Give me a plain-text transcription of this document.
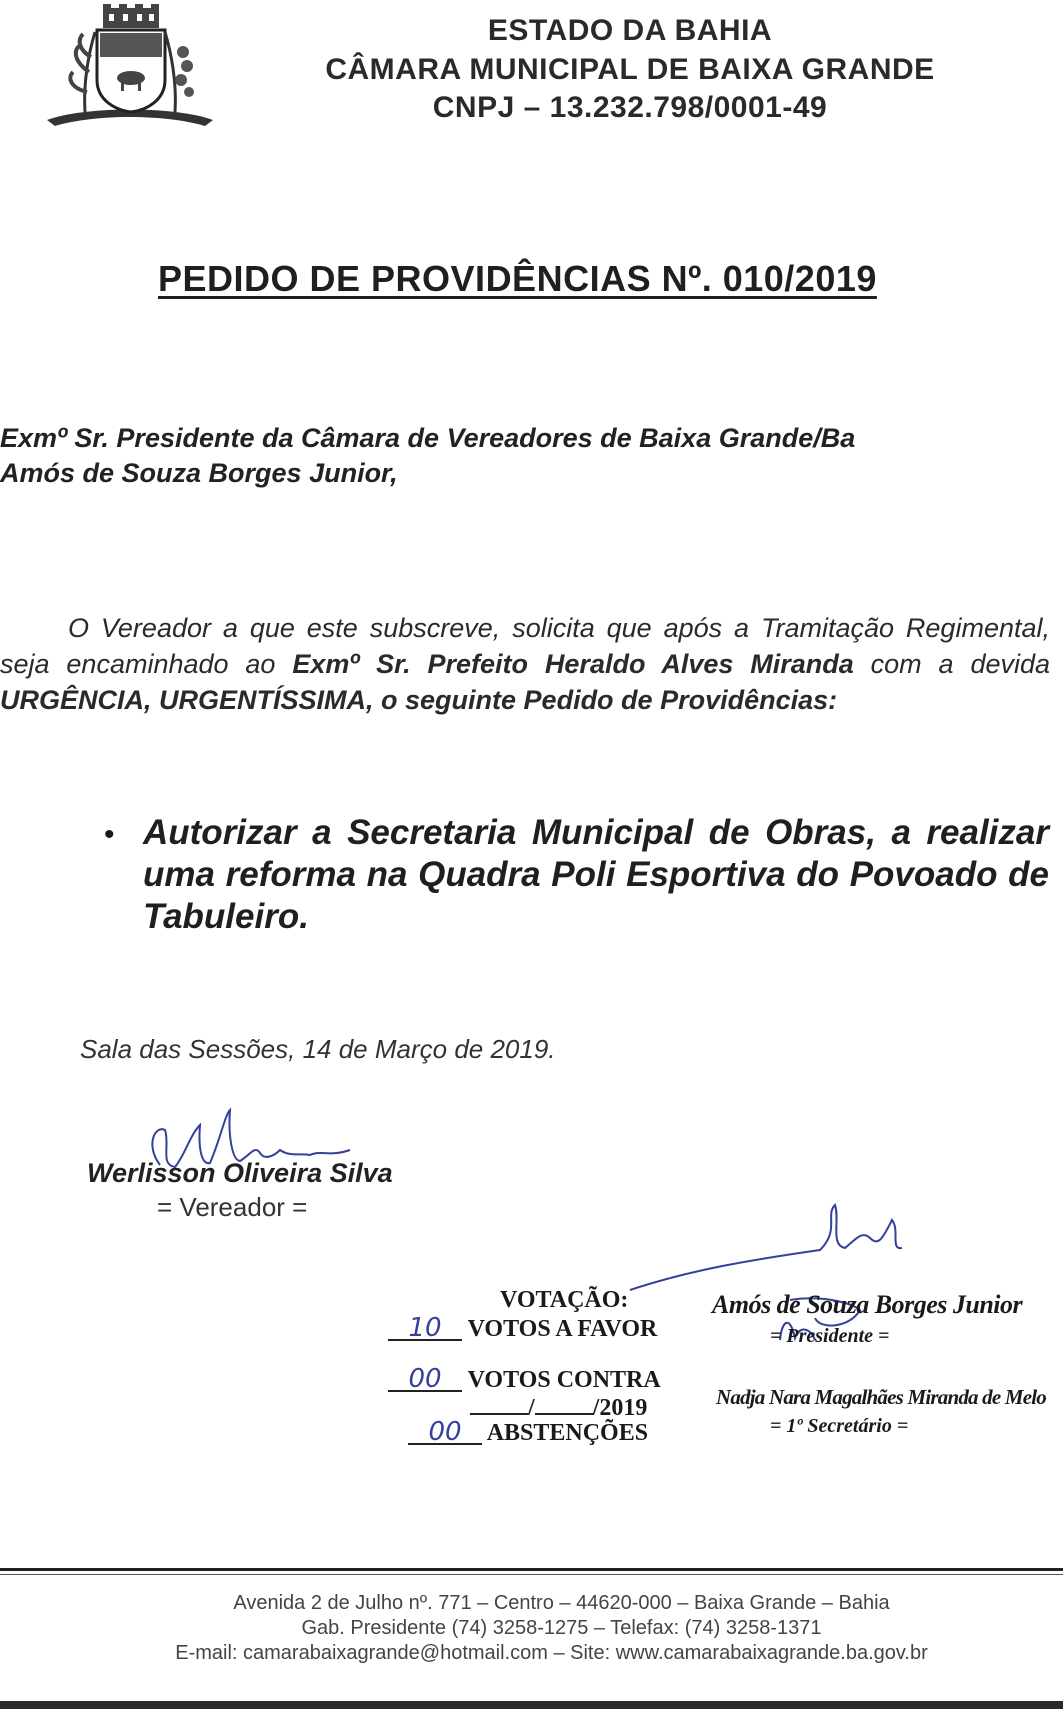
ESTADO DA BAHIA
CÂMARA MUNICIPAL DE BAIXA GRANDE
CNPJ – 13.232.798/0001-49
PEDIDO DE PROVIDÊNCIAS Nº. 010/2019
Exmº Sr. Presidente da Câmara de Vereadores de Baixa Grande/Ba
Amós de Souza Borges Junior,
O Vereador a que este subscreve, solicita que após a Tramitação Regimental, seja encaminhado ao Exmº Sr. Prefeito Heraldo Alves Miranda com a devida URGÊNCIA, URGENTÍSSIMA, o seguinte Pedido de Providências:
• Autorizar a Secretaria Municipal de Obras, a realizar uma reforma na Quadra Poli Esportiva do Povoado de Tabuleiro.
Sala das Sessões, 14 de Março de 2019.
Werlisson Oliveira Silva
= Vereador =
VOTAÇÃO:
10 VOTOS A FAVOR
00 VOTOS CONTRA
/ /2019
00 ABSTENÇÕES
Amós de Souza Borges Junior
= Presidente =
Nadja Nara Magalhães Miranda de Melo
= 1º Secretário =
Avenida 2 de Julho nº. 771 – Centro – 44620-000 – Baixa Grande – Bahia
Gab. Presidente (74) 3258-1275 – Telefax: (74) 3258-1371
E-mail: camarabaixagrande@hotmail.com – Site: www.camarabaixagrande.ba.gov.br
